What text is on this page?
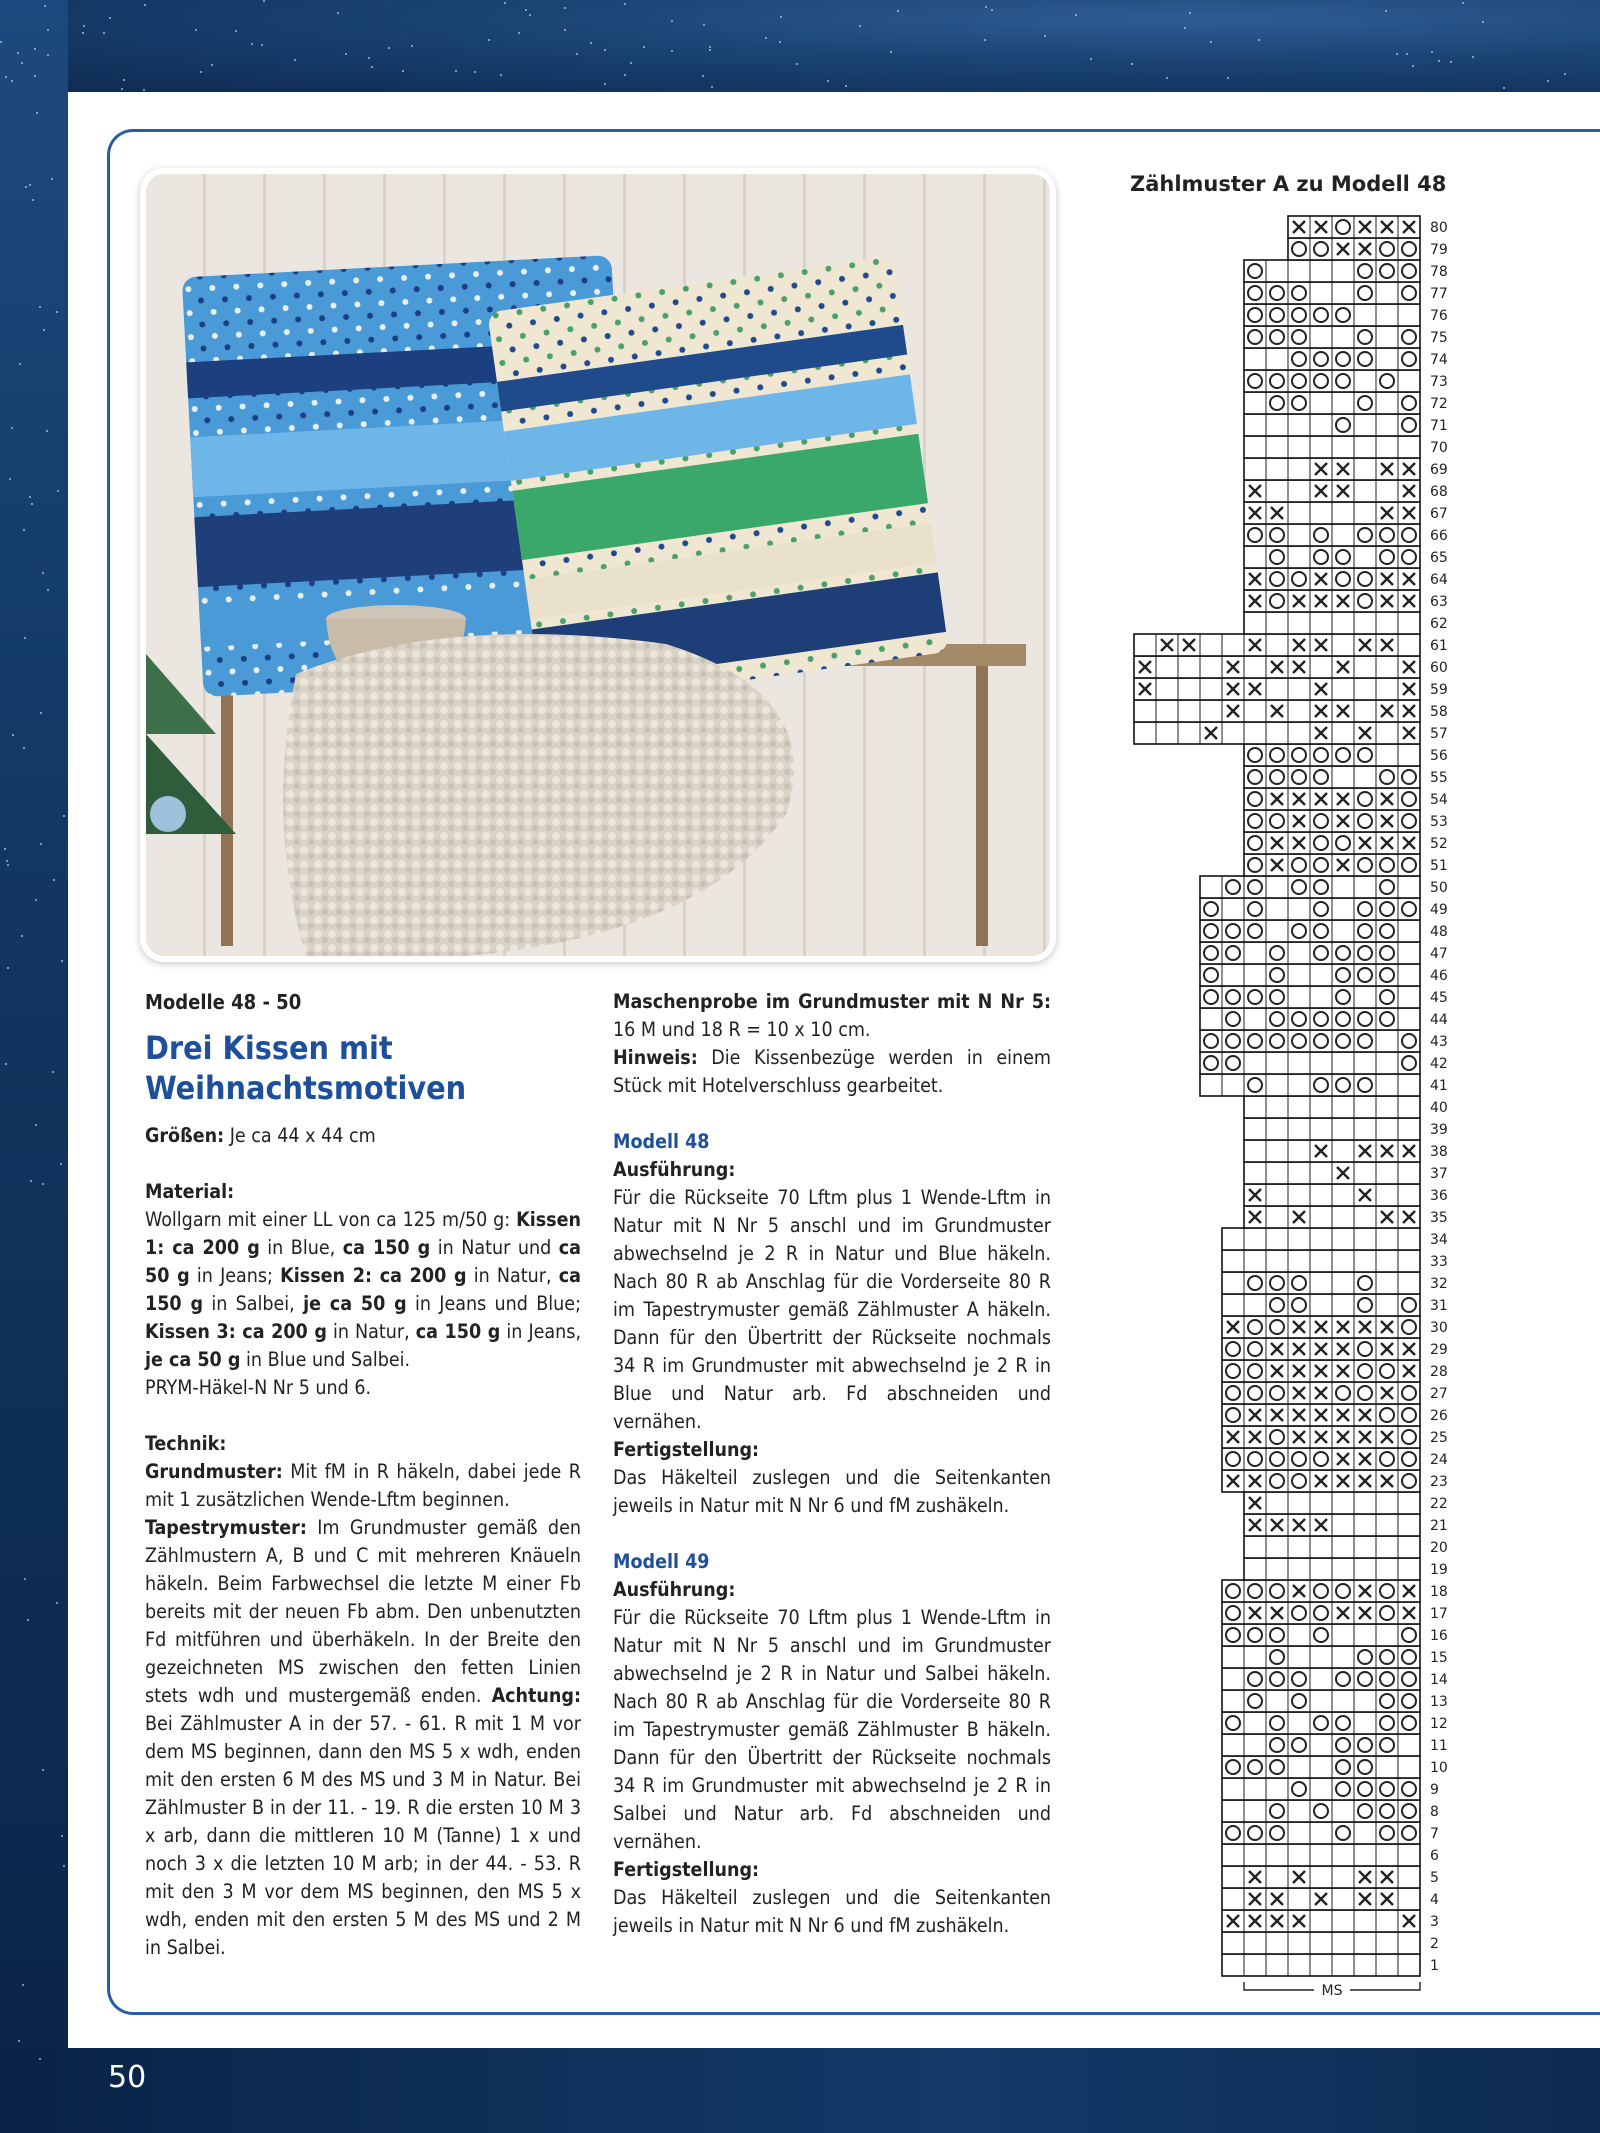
Modelle 48 - 50

Drei Kissen mit
Weihnachtsmotiven

Größen: Je ca 44 x 44 cm

Material:

Wollgarn mit einer LL von ca 125 m/50 g: Kissen 1: ca 200 g in Blue, ca 150 g in Natur und ca 50 g in Jeans; Kissen 2: ca 200 g in Natur, ca 150 g in Salbei, je ca 50 g in Jeans und Blue; Kissen 3: ca 200 g in Natur, ca 150 g in Jeans, je ca 50 g in Blue und Salbei.

PRYM-Häkel-N Nr 5 und 6.

Technik:

Grundmuster: Mit fM in R häkeln, dabei jede R mit 1 zusätzlichen Wende-Lftm beginnen.

Tapestrymuster: Im Grundmuster gemäß den Zählmustern A, B und C mit mehreren Knäueln häkeln. Beim Farbwechsel die letzte M einer Fb bereits mit der neuen Fb abm. Den unbenutzten Fd mitführen und überhäkeln. In der Breite den gezeichneten MS zwischen den fetten Linien stets wdh und mustergemäß enden. Achtung: Bei Zählmuster A in der 57. - 61. R mit 1 M vor dem MS beginnen, dann den MS 5 x wdh, enden mit den ersten 6 M des MS und 3 M in Natur. Bei Zählmuster B in der 11. - 19. R die ersten 10 M 3 x arb, dann die mittleren 10 M (Tanne) 1 x und noch 3 x die letzten 10 M arb; in der 44. - 53. R mit den 3 M vor dem MS beginnen, den MS 5 x wdh, enden mit den ersten 5 M des MS und 2 M in Salbei.

Maschenprobe im Grundmuster mit N Nr 5: 16 M und 18 R = 10 x 10 cm.

Hinweis: Die Kissenbezüge werden in einem Stück mit Hotelverschluss gearbeitet.

Modell 48

Ausführung:

Für die Rückseite 70 Lftm plus 1 Wende-Lftm in Natur mit N Nr 5 anschl und im Grundmuster abwechselnd je 2 R in Natur und Blue häkeln. Nach 80 R ab Anschlag für die Vorderseite 80 R im Tapestrymuster gemäß Zählmuster A häkeln. Dann für den Übertritt der Rückseite nochmals 34 R im Grundmuster mit abwechselnd je 2 R in Blue und Natur arb. Fd abschneiden und vernähen.

Fertigstellung:

Das Häkelteil zuslegen und die Seitenkanten jeweils in Natur mit N Nr 6 und fM zushäkeln.

Modell 49

Ausführung:

Für die Rückseite 70 Lftm plus 1 Wende-Lftm in Natur mit N Nr 5 anschl und im Grundmuster abwechselnd je 2 R in Natur und Salbei häkeln. Nach 80 R ab Anschlag für die Vorderseite 80 R im Tapestrymuster gemäß Zählmuster B häkeln. Dann für den Übertritt der Rückseite nochmals 34 R im Grundmuster mit abwechselnd je 2 R in Salbei und Natur arb. Fd abschneiden und vernähen.

Fertigstellung:

Das Häkelteil zuslegen und die Seitenkanten jeweils in Natur mit N Nr 6 und fM zushäkeln.

Zählmuster A zu Modell 48
1
2
3
4
5
6
7
8
9
10
11
12
13
14
15
16
17
18
19
20
21
22
23
24
25
26
27
28
29
30
31
32
33
34
35
36
37
38
39
40
41
42
43
44
45
46
47
48
49
50
51
52
53
54
55
56
57
58
59
60
61
62
63
64
65
66
67
68
69
70
71
72
73
74
75
76
77
78
79
80
MS
50
